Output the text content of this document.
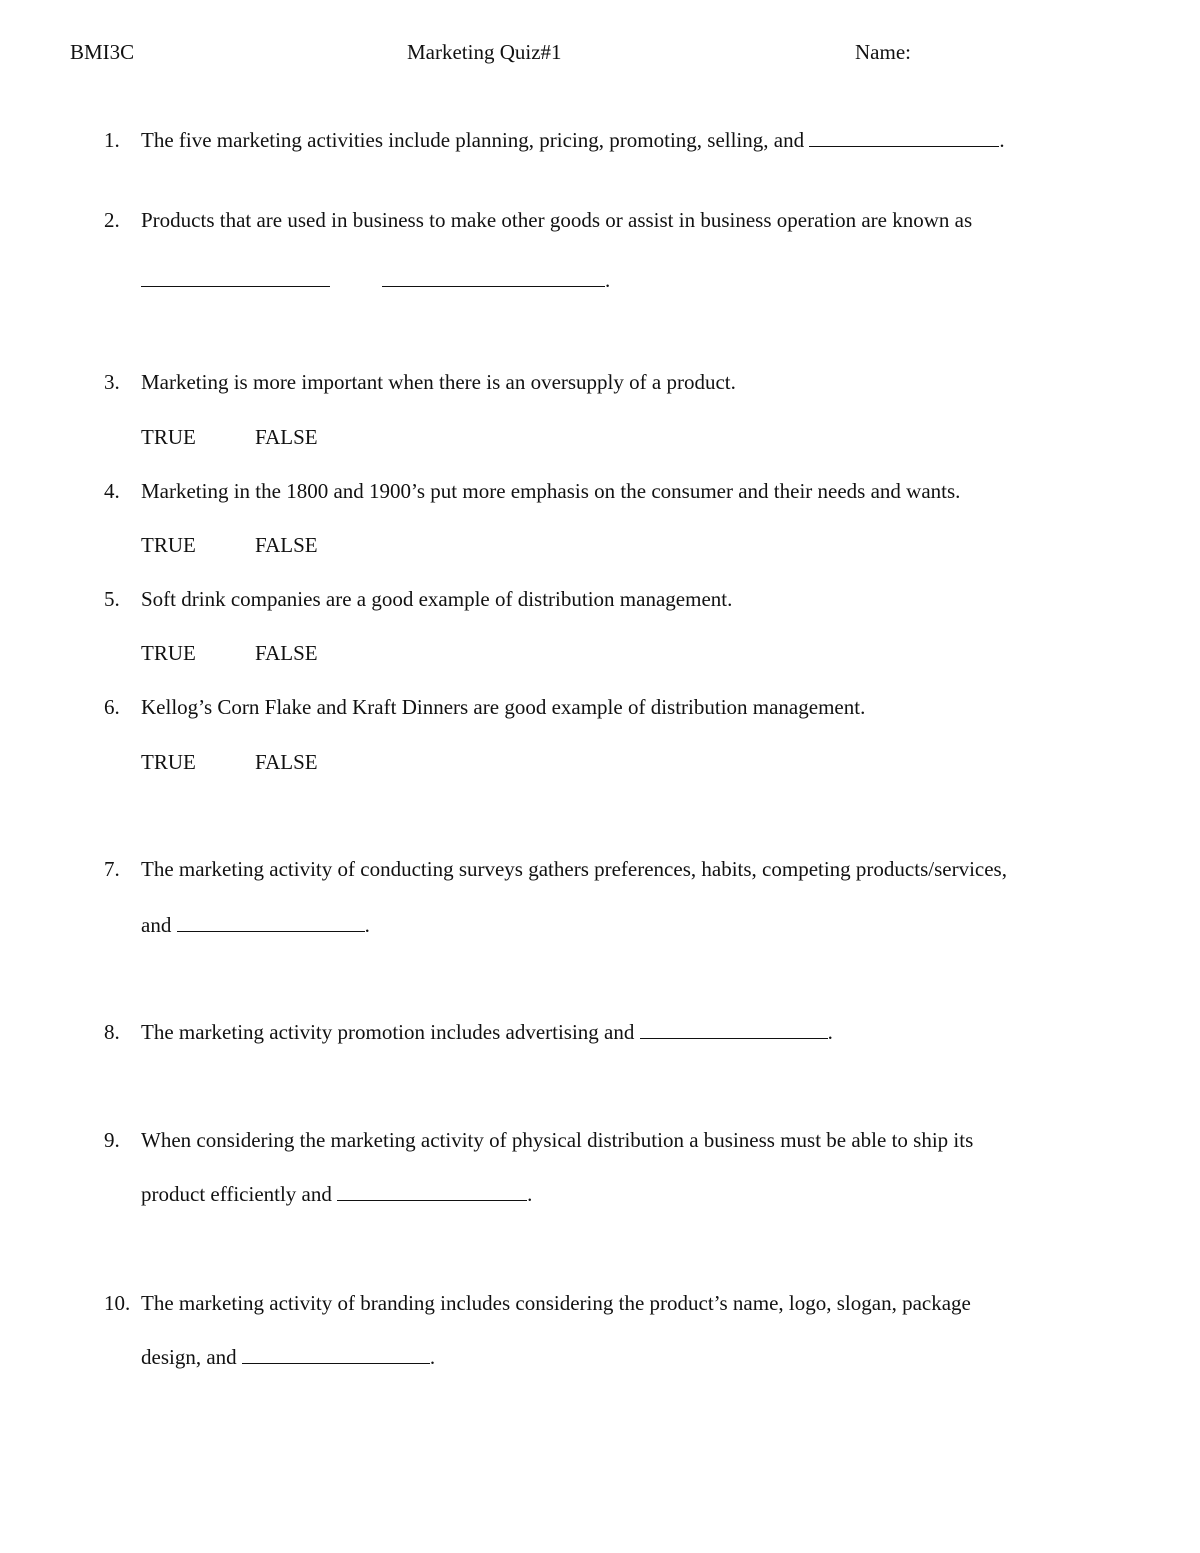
BMI3C	Marketing Quiz#1	Name:
1. The five marketing activities include planning, pricing, promoting, selling, and	.
2. Products that are used in business to make other goods or assist in business operation are known as
.
3. Marketing is more important when there is an oversupply of a product.
TRUE	FALSE
4. Marketing in the 1800 and 1900’s put more emphasis on the consumer and their needs and wants.
TRUE	FALSE
5. Soft drink companies are a good example of distribution management.
TRUE	FALSE
6. Kellog’s Corn Flake and Kraft Dinners are good example of distribution management.
TRUE	FALSE
7. The marketing activity of conducting surveys gathers preferences, habits, competing products/services,
and	.
8. The marketing activity promotion includes advertising and	.
9. When considering the marketing activity of physical distribution a business must be able to ship its
product efficiently and	.
10. The marketing activity of branding includes considering the product’s name, logo, slogan, package
design, and	.
